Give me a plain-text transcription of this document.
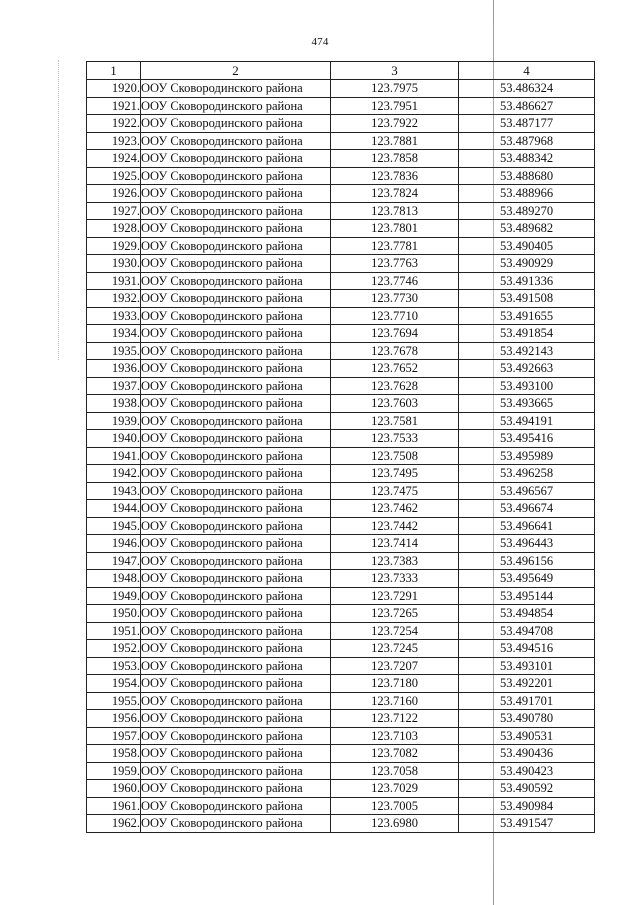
474
1	2	3	4
1920.	ООУ Сковородинского района	123.7975	53.486324
1921.	ООУ Сковородинского района	123.7951	53.486627
1922.	ООУ Сковородинского района	123.7922	53.487177
1923.	ООУ Сковородинского района	123.7881	53.487968
1924.	ООУ Сковородинского района	123.7858	53.488342
1925.	ООУ Сковородинского района	123.7836	53.488680
1926.	ООУ Сковородинского района	123.7824	53.488966
1927.	ООУ Сковородинского района	123.7813	53.489270
1928.	ООУ Сковородинского района	123.7801	53.489682
1929.	ООУ Сковородинского района	123.7781	53.490405
1930.	ООУ Сковородинского района	123.7763	53.490929
1931.	ООУ Сковородинского района	123.7746	53.491336
1932.	ООУ Сковородинского района	123.7730	53.491508
1933.	ООУ Сковородинского района	123.7710	53.491655
1934.	ООУ Сковородинского района	123.7694	53.491854
1935.	ООУ Сковородинского района	123.7678	53.492143
1936.	ООУ Сковородинского района	123.7652	53.492663
1937.	ООУ Сковородинского района	123.7628	53.493100
1938.	ООУ Сковородинского района	123.7603	53.493665
1939.	ООУ Сковородинского района	123.7581	53.494191
1940.	ООУ Сковородинского района	123.7533	53.495416
1941.	ООУ Сковородинского района	123.7508	53.495989
1942.	ООУ Сковородинского района	123.7495	53.496258
1943.	ООУ Сковородинского района	123.7475	53.496567
1944.	ООУ Сковородинского района	123.7462	53.496674
1945.	ООУ Сковородинского района	123.7442	53.496641
1946.	ООУ Сковородинского района	123.7414	53.496443
1947.	ООУ Сковородинского района	123.7383	53.496156
1948.	ООУ Сковородинского района	123.7333	53.495649
1949.	ООУ Сковородинского района	123.7291	53.495144
1950.	ООУ Сковородинского района	123.7265	53.494854
1951.	ООУ Сковородинского района	123.7254	53.494708
1952.	ООУ Сковородинского района	123.7245	53.494516
1953.	ООУ Сковородинского района	123.7207	53.493101
1954.	ООУ Сковородинского района	123.7180	53.492201
1955.	ООУ Сковородинского района	123.7160	53.491701
1956.	ООУ Сковородинского района	123.7122	53.490780
1957.	ООУ Сковородинского района	123.7103	53.490531
1958.	ООУ Сковородинского района	123.7082	53.490436
1959.	ООУ Сковородинского района	123.7058	53.490423
1960.	ООУ Сковородинского района	123.7029	53.490592
1961.	ООУ Сковородинского района	123.7005	53.490984
1962.	ООУ Сковородинского района	123.6980	53.491547
